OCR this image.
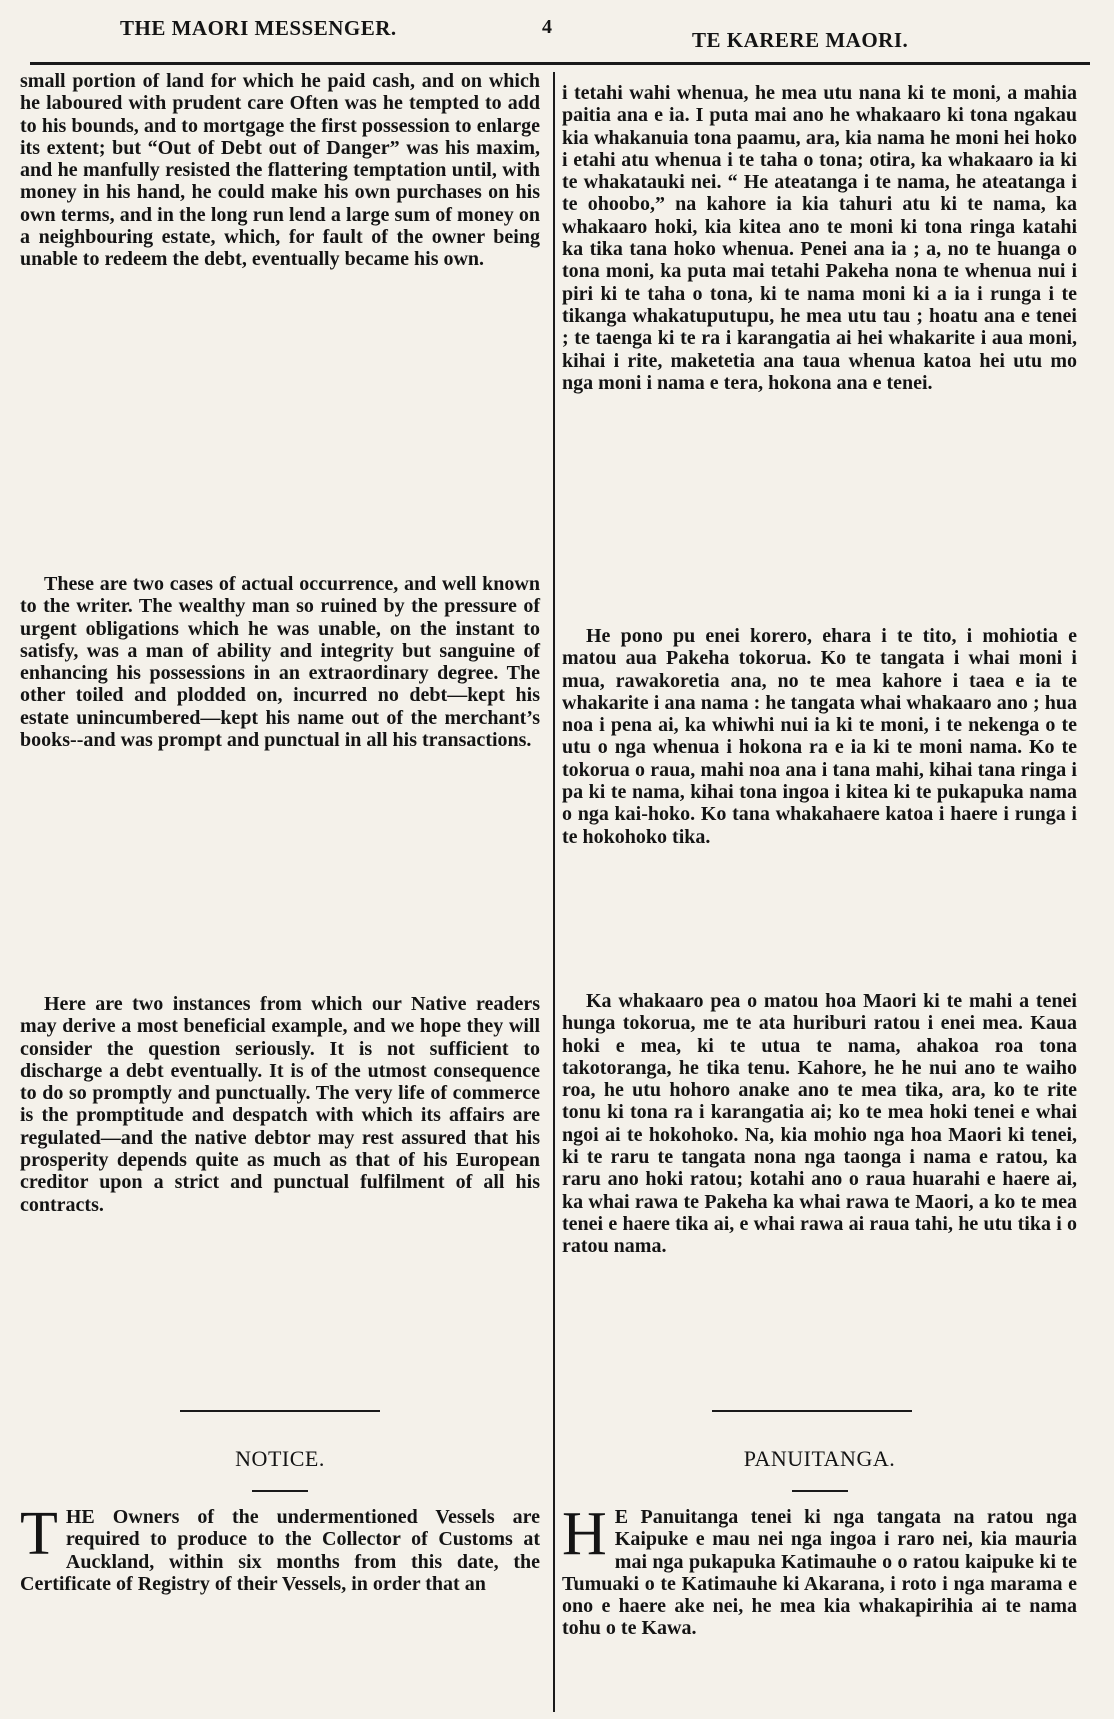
THE MAORI MESSENGER.	4
TE KARERE MAORI.

small portion of land for which he paid cash, and on which he laboured with prudent care Often was he tempted to add to his bounds, and to mortgage the first possession to enlarge its extent; but “Out of Debt out of Danger” was his maxim, and he manfully resisted the flattering temptation until, with money in his hand, he could make his own purchases on his own terms, and in the long run lend a large sum of money on a neighbouring estate, which, for fault of the owner being unable to redeem the debt, eventually became his own.

These are two cases of actual occurrence, and well known to the writer. The wealthy man so ruined by the pressure of urgent obligations which he was unable, on the instant to satisfy, was a man of ability and integrity but sanguine of enhancing his possessions in an extraordinary degree. The other toiled and plodded on, incurred no debt—kept his estate unincumbered—kept his name out of the merchant’s books--and was prompt and punctual in all his transactions.

Here are two instances from which our Native readers may derive a most beneficial example, and we hope they will consider the question seriously. It is not sufficient to discharge a debt eventually. It is of the utmost consequence to do so promptly and punctually. The very life of commerce is the promptitude and despatch with which its affairs are regulated—and the native debtor may rest assured that his prosperity depends quite as much as that of his European creditor upon a strict and punctual fulfilment of all his contracts.

NOTICE.
T HE Owners of the undermentioned Vessels are required to produce to the Collector of Customs at Auckland, within six months from this date, the Certificate of Registry of their Vessels, in order that an

i tetahi wahi whenua, he mea utu nana ki te moni, a mahia paitia ana e ia. I puta mai ano he whakaaro ki tona ngakau kia whakanuia tona paamu, ara, kia nama he moni hei hoko i etahi atu whenua i te taha o tona; otira, ka whakaaro ia ki te whakatauki nei. “ He ateatanga i te nama, he ateatanga i te ohoobo,” na kahore ia kia tahuri atu ki te nama, ka whakaaro hoki, kia kitea ano te moni ki tona ringa katahi ka tika tana hoko whenua. Penei ana ia ; a, no te huanga o tona moni, ka puta mai tetahi Pakeha nona te whenua nui i piri ki te taha o tona, ki te nama moni ki a ia i runga i te tikanga whakatuputupu, he mea utu tau ; hoatu ana e tenei ; te taenga ki te ra i karangatia ai hei whakarite i aua moni, kihai i rite, maketetia ana taua whenua katoa hei utu mo nga moni i nama e tera, hokona ana e tenei.

He pono pu enei korero, ehara i te tito, i mohiotia e matou aua Pakeha tokorua. Ko te tangata i whai moni i mua, rawakoretia ana, no te mea kahore i taea e ia te whakarite i ana nama : he tangata whai whakaaro ano ; hua noa i pena ai, ka whiwhi nui ia ki te moni, i te nekenga o te utu o nga whenua i hokona ra e ia ki te moni nama. Ko te tokorua o raua, mahi noa ana i tana mahi, kihai tana ringa i pa ki te nama, kihai tona ingoa i kitea ki te pukapuka nama o nga kai-hoko. Ko tana whakahaere katoa i haere i runga i te hokohoko tika.

Ka whakaaro pea o matou hoa Maori ki te mahi a tenei hunga tokorua, me te ata huriburi ratou i enei mea. Kaua hoki e mea, ki te utua te nama, ahakoa roa tona takotoranga, he tika tenu. Kahore, he he nui ano te waiho roa, he utu hohoro anake ano te mea tika, ara, ko te rite tonu ki tona ra i karangatia ai; ko te mea hoki tenei e whai ngoi ai te hokohoko. Na, kia mohio nga hoa Maori ki tenei, ki te raru te tangata nona nga taonga i nama e ratou, ka raru ano hoki ratou; kotahi ano o raua huarahi e haere ai, ka whai rawa te Pakeha ka whai rawa te Maori, a ko te mea tenei e haere tika ai, e whai rawa ai raua tahi, he utu tika i o ratou nama.

PANUITANGA.
H E Panuitanga tenei ki nga tangata na ratou nga Kaipuke e mau nei nga ingoa i raro nei, kia mauria mai nga pukapuka Katimauhe o o ratou kaipuke ki te Tumuaki o te Katimauhe ki Akarana, i roto i nga marama e ono e haere ake nei, he mea kia whakapirihia ai te nama tohu o te Kawa.
